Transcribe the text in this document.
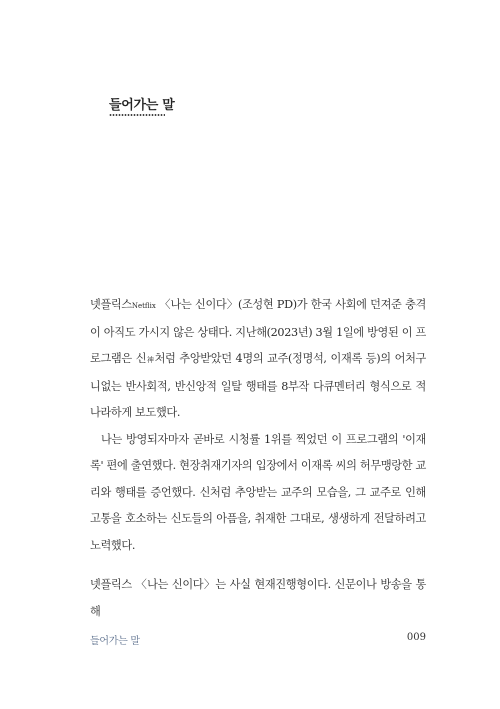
들어가는 말

넷플릭스Netflix 〈나는 신이다〉(조성현 PD)가 한국 사회에 던져준 충격이 아직도 가시지 않은 상태다. 지난해(2023년) 3월 1일에 방영된 이 프로그램은 신神처럼 추앙받았던 4명의 교주(정명석, 이재록 등)의 어처구니없는 반사회적, 반신앙적 일탈 행태를 8부작 다큐멘터리 형식으로 적나라하게 보도했다.

나는 방영되자마자 곧바로 시청률 1위를 찍었던 이 프로그램의 '이재록' 편에 출연했다. 현장취재기자의 입장에서 이재록 씨의 허무맹랑한 교리와 행태를 증언했다. 신처럼 추앙받는 교주의 모습을, 그 교주로 인해 고통을 호소하는 신도들의 아픔을, 취재한 그대로, 생생하게 전달하려고 노력했다.

넷플릭스 〈나는 신이다〉는 사실 현재진행형이다. 신문이나 방송을 통해

들어가는 말	009
